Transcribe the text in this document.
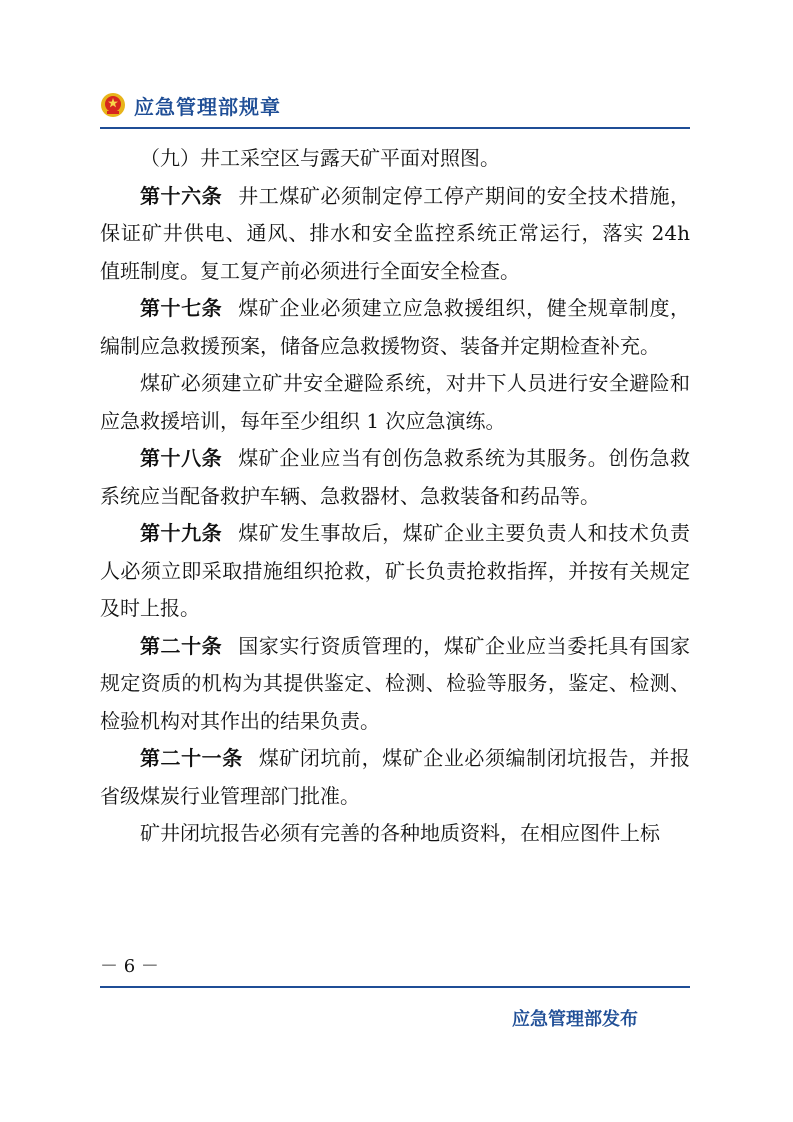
应急管理部规章

（九）井工采空区与露天矿平面对照图。

第十六条 井工煤矿必须制定停工停产期间的安全技术措施，保证矿井供电、通风、排水和安全监控系统正常运行，落实 24h 值班制度。复工复产前必须进行全面安全检查。

第十七条 煤矿企业必须建立应急救援组织，健全规章制度，编制应急救援预案，储备应急救援物资、装备并定期检查补充。

煤矿必须建立矿井安全避险系统，对井下人员进行安全避险和应急救援培训，每年至少组织 1 次应急演练。

第十八条 煤矿企业应当有创伤急救系统为其服务。创伤急救系统应当配备救护车辆、急救器材、急救装备和药品等。

第十九条 煤矿发生事故后，煤矿企业主要负责人和技术负责人必须立即采取措施组织抢救，矿长负责抢救指挥，并按有关规定及时上报。

第二十条 国家实行资质管理的，煤矿企业应当委托具有国家规定资质的机构为其提供鉴定、检测、检验等服务，鉴定、检测、检验机构对其作出的结果负责。

第二十一条 煤矿闭坑前，煤矿企业必须编制闭坑报告，并报省级煤炭行业管理部门批准。

矿井闭坑报告必须有完善的各种地质资料，在相应图件上标

－ 6 －
应急管理部发布
